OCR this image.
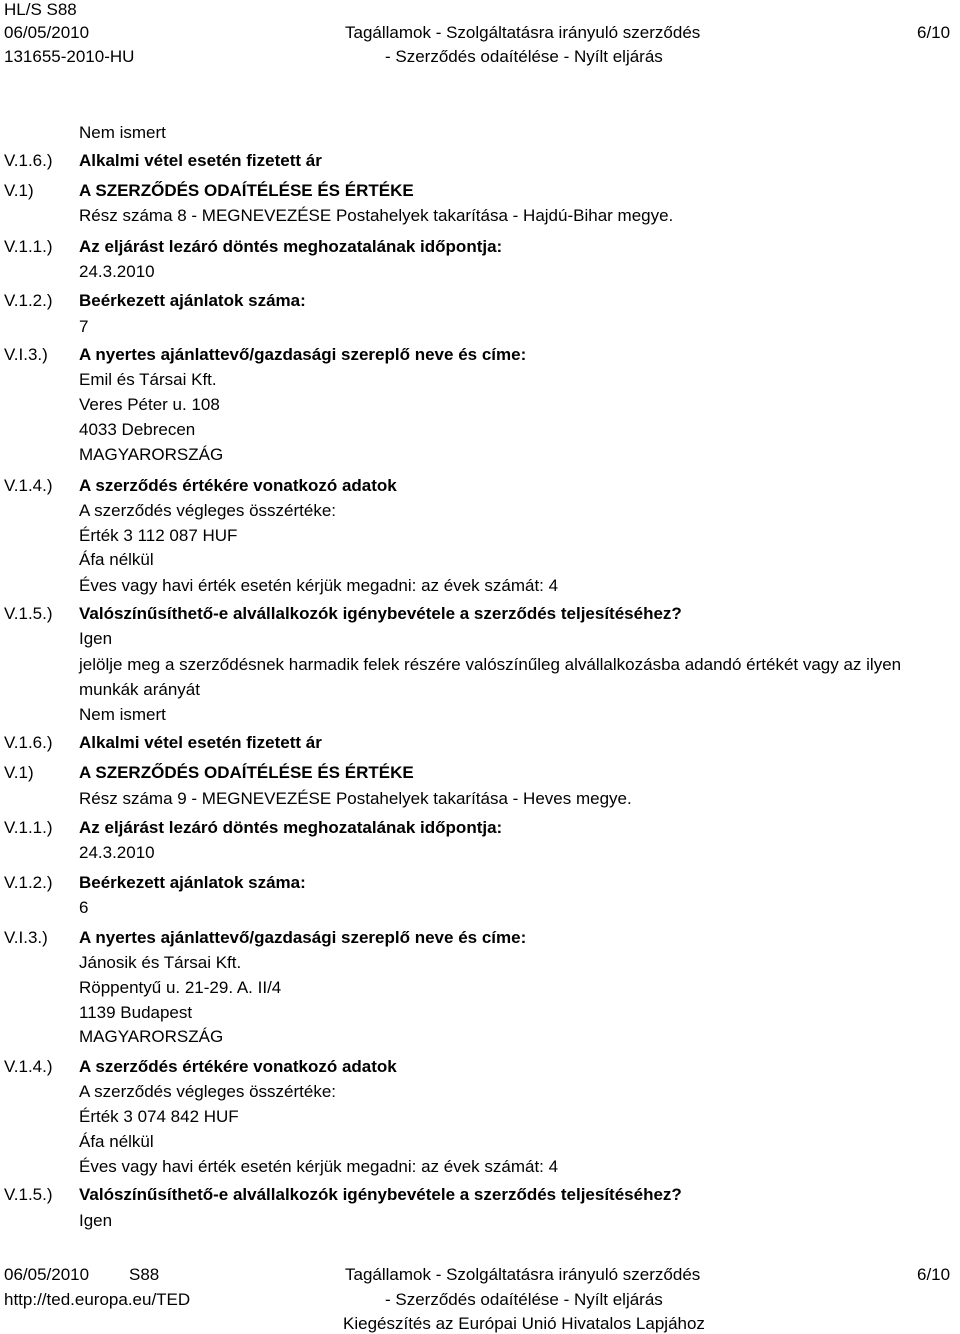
HL/S S88
06/05/2010
131655-2010-HU
Tagállamok - Szolgáltatásra irányuló szerződés
- Szerződés odaítélése - Nyílt eljárás
6/10
V.1.6.)
V.1)
V.1.1.)
V.1.2.)
V.I.3.)
V.1.4.)
V.1.5.)
V.1.6.)
V.1)
V.1.1.)
V.1.2.)
V.I.3.)
V.1.4.)
V.1.5.)
Nem ismert
Alkalmi vétel esetén fizetett ár
A SZERZŐDÉS ODAÍTÉLÉSE ÉS ÉRTÉKE
Rész száma 8 - MEGNEVEZÉSE Postahelyek takarítása - Hajdú-Bihar megye.
Az eljárást lezáró döntés meghozatalának időpontja:
24.3.2010
Beérkezett ajánlatok száma:
7
A nyertes ajánlattevő/gazdasági szereplő neve és címe:
Emil és Társai Kft.
Veres Péter u. 108
4033 Debrecen
MAGYARORSZÁG
A szerződés értékére vonatkozó adatok
A szerződés végleges összértéke:
Érték 3 112 087 HUF
Áfa nélkül
Éves vagy havi érték esetén kérjük megadni: az évek számát: 4
Valószínűsíthető-e alvállalkozók igénybevétele a szerződés teljesítéséhez?
Igen
jelölje meg a szerződésnek harmadik felek részére valószínűleg alvállalkozásba adandó értékét vagy az ilyen
munkák arányát
Nem ismert
Alkalmi vétel esetén fizetett ár
A SZERZŐDÉS ODAÍTÉLÉSE ÉS ÉRTÉKE
Rész száma 9 - MEGNEVEZÉSE Postahelyek takarítása - Heves megye.
Az eljárást lezáró döntés meghozatalának időpontja:
24.3.2010
Beérkezett ajánlatok száma:
6
A nyertes ajánlattevő/gazdasági szereplő neve és címe:
Jánosik és Társai Kft.
Röppentyű u. 21-29. A. II/4
1139 Budapest
MAGYARORSZÁG
A szerződés értékére vonatkozó adatok
A szerződés végleges összértéke:
Érték 3 074 842 HUF
Áfa nélkül
Éves vagy havi érték esetén kérjük megadni: az évek számát: 4
Valószínűsíthető-e alvállalkozók igénybevétele a szerződés teljesítéséhez?
Igen
06/05/2010 S88
http://ted.europa.eu/TED
Tagállamok - Szolgáltatásra irányuló szerződés
- Szerződés odaítélése - Nyílt eljárás
Kiegészítés az Európai Unió Hivatalos Lapjához
6/10
